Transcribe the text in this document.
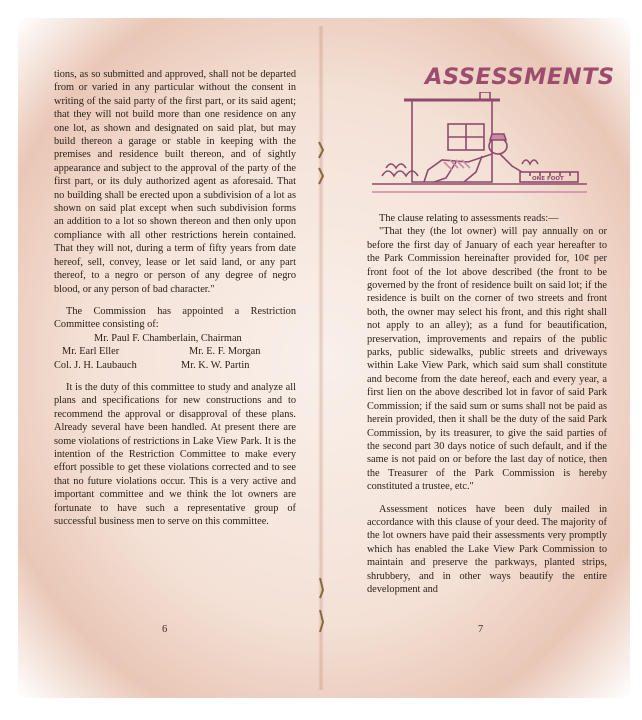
tions, as so submitted and approved, shall not be departed from or varied in any particular without the consent in writing of the said party of the first part, or its said agent; that they will not build more than one residence on any one lot, as shown and designated on said plat, but may build thereon a garage or stable in keeping with the premises and residence built thereon, and of sightly appearance and subject to the approval of the party of the first part, or its duly authorized agent as aforesaid. That no building shall be erected upon a subdivision of a lot as shown on said plat except when such subdivision forms an addition to a lot so shown thereon and then only upon compliance with all other restrictions herein contained. That they will not, during a term of fifty years from date hereof, sell, convey, lease or let said land, or any part thereof, to a negro or person of any degree of negro blood, or any person of bad character."

The Commission has appointed a Restriction Committee consisting of:

Mr. Paul F. Chamberlain, Chairman
Mr. Earl Eller	Mr. E. F. Morgan
Col. J. H. Laubauch	Mr. K. W. Partin

It is the duty of this committee to study and analyze all plans and specifications for new constructions and to recommend the approval or disapproval of these plans. Already several have been handled. At present there are some violations of restrictions in Lake View Park. It is the intention of the Restriction Committee to make every effort possible to get these violations corrected and to see that no future violations occur. This is a very active and important committee and we think the lot owners are fortunate to have such a representative group of successful business men to serve on this committee.

6
ASSESSMENTS
ONE FOOT

The clause relating to assessments reads:—

"That they (the lot owner) will pay annually on or before the first day of January of each year hereafter to the Park Commission hereinafter provided for, 10¢ per front foot of the lot above described (the front to be governed by the front of residence built on said lot; if the residence is built on the corner of two streets and front both, the owner may select his front, and this right shall not apply to an alley); as a fund for beautification, preservation, improvements and repairs of the public parks, public sidewalks, public streets and driveways within Lake View Park, which said sum shall constitute and become from the date hereof, each and every year, a first lien on the above described lot in favor of said Park Commission; if the said sum or sums shall not be paid as herein provided, then it shall be the duty of the said Park Commission, by its treasurer, to give the said parties of the second part 30 days notice of such default, and if the same is not paid on or before the last day of notice, then the Treasurer of the Park Commission is hereby constituted a trustee, etc."

Assessment notices have been duly mailed in accordance with this clause of your deed. The majority of the lot owners have paid their assessments very promptly which has enabled the Lake View Park Commission to maintain and preserve the parkways, planted strips, shrubbery, and in other ways beautify the entire development and

7
